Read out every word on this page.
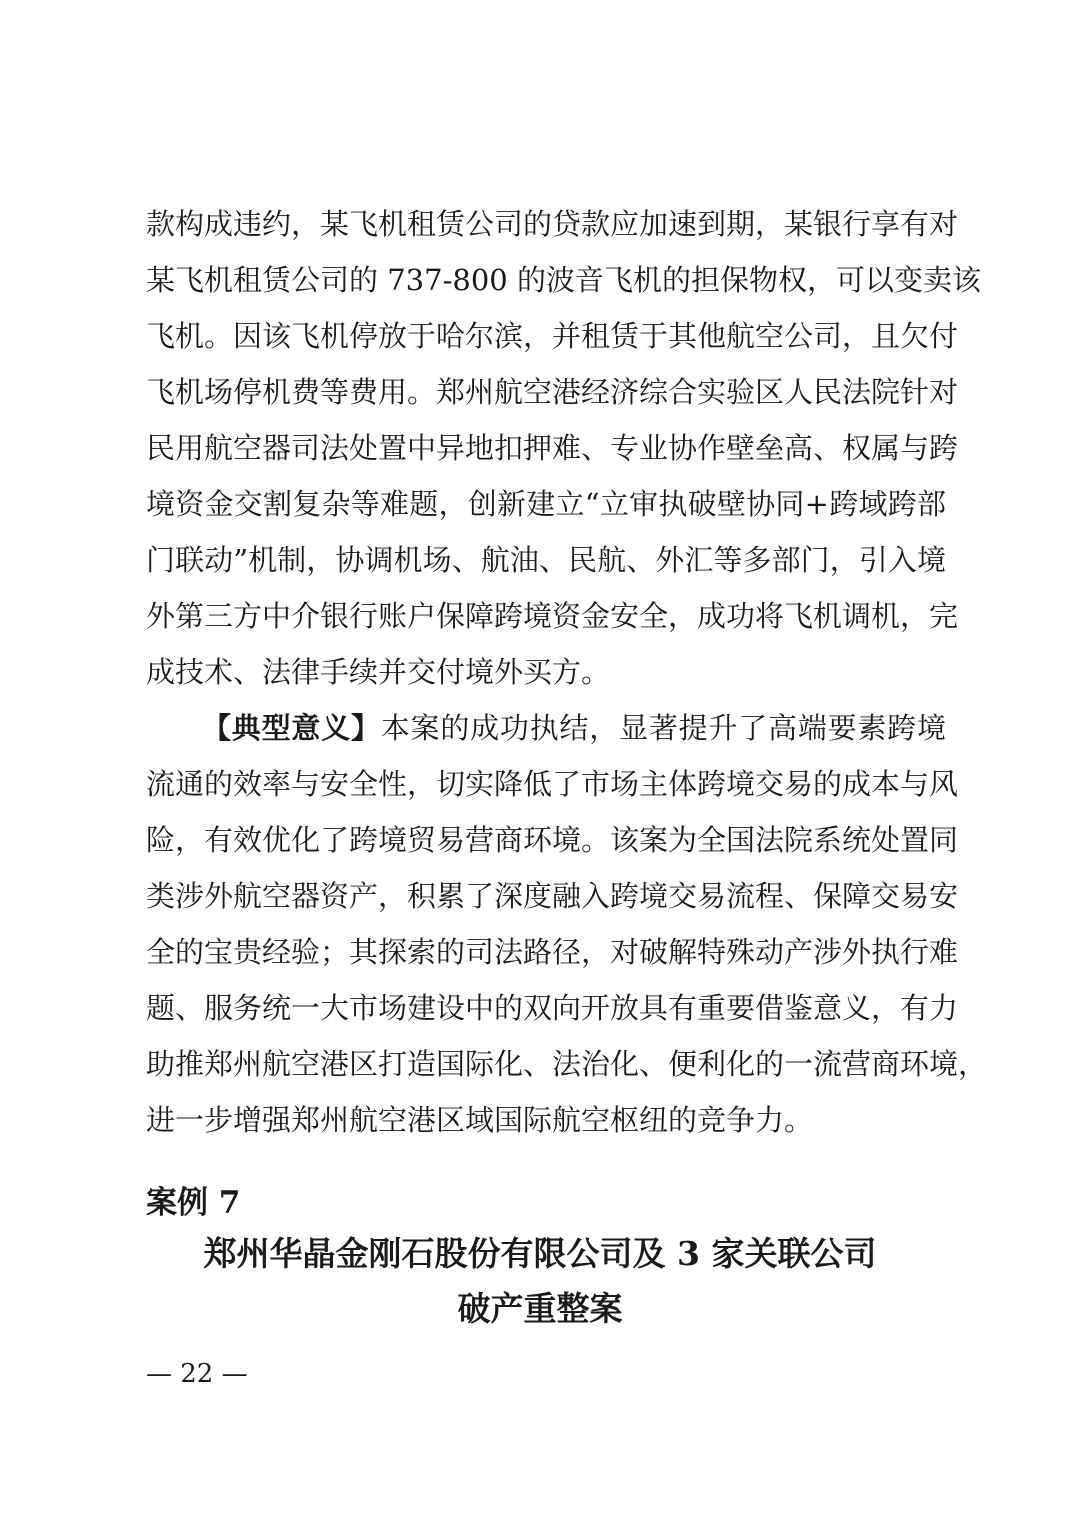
款构成违约，某飞机租赁公司的贷款应加速到期，某银行享有对
某飞机租赁公司的 737-800 的波音飞机的担保物权，可以变卖该
飞机。因该飞机停放于哈尔滨，并租赁于其他航空公司，且欠付
飞机场停机费等费用。郑州航空港经济综合实验区人民法院针对
民用航空器司法处置中异地扣押难、专业协作壁垒高、权属与跨
境资金交割复杂等难题，创新建立“立审执破壁协同+跨域跨部
门联动”机制，协调机场、航油、民航、外汇等多部门，引入境
外第三方中介银行账户保障跨境资金安全，成功将飞机调机，完
成技术、法律手续并交付境外买方。
【典型意义】本案的成功执结，显著提升了高端要素跨境
流通的效率与安全性，切实降低了市场主体跨境交易的成本与风
险，有效优化了跨境贸易营商环境。该案为全国法院系统处置同
类涉外航空器资产，积累了深度融入跨境交易流程、保障交易安
全的宝贵经验；其探索的司法路径，对破解特殊动产涉外执行难
题、服务统一大市场建设中的双向开放具有重要借鉴意义，有力
助推郑州航空港区打造国际化、法治化、便利化的一流营商环境，
进一步增强郑州航空港区域国际航空枢纽的竞争力。
案例 7
郑州华晶金刚石股份有限公司及 3 家关联公司
破产重整案
— 22 —
